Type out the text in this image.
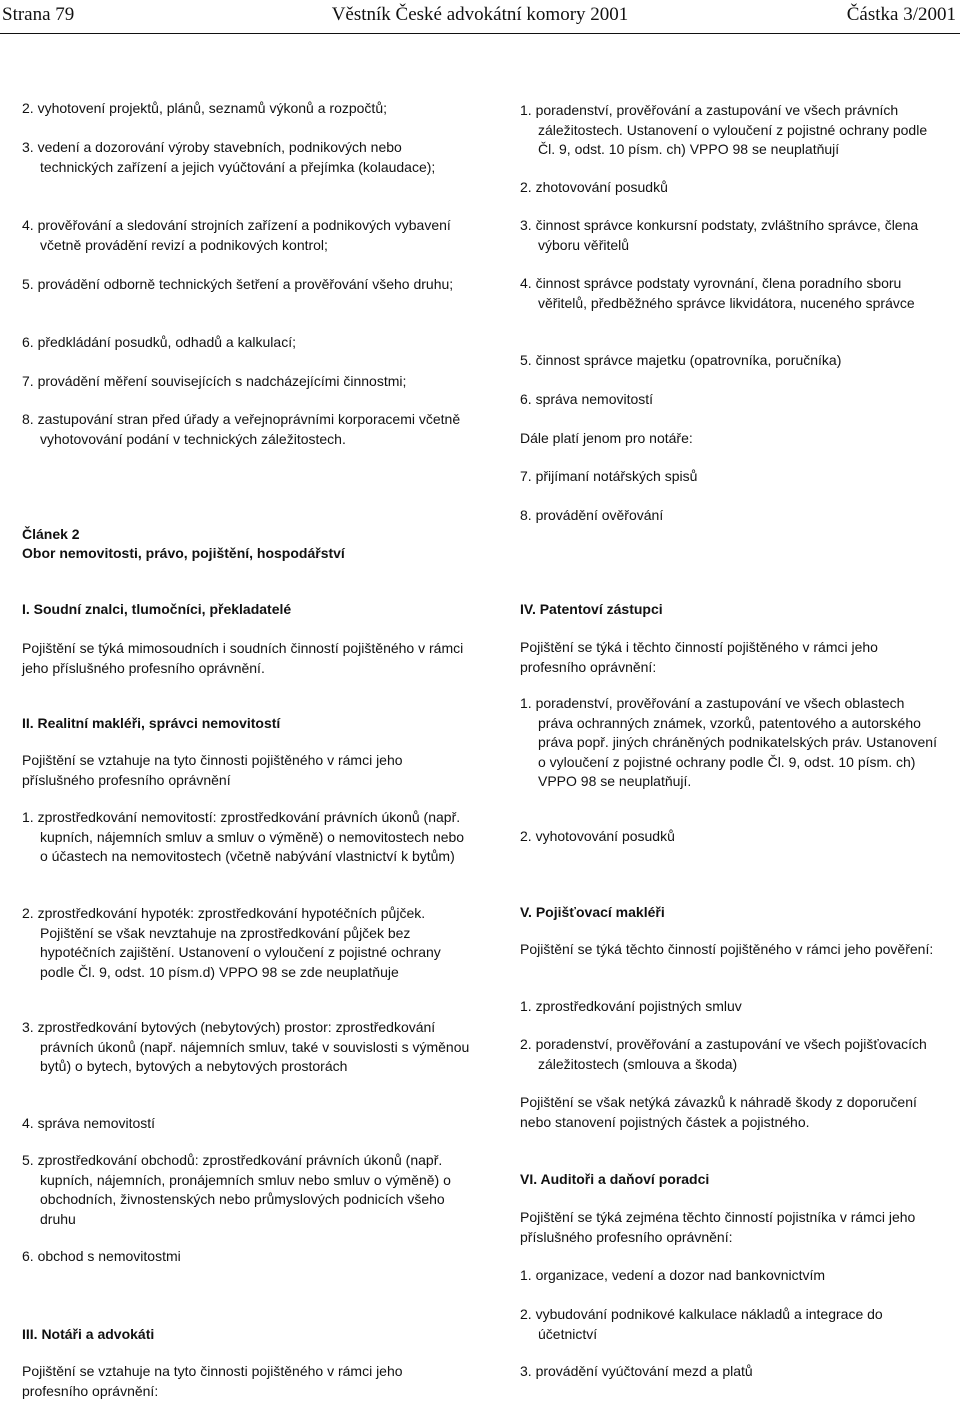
Strana 79	Věstník České advokátní komory 2001	Částka 3/2001
2. vyhotovení projektů, plánů, seznamů výkonů a rozpočtů;
3. vedení a dozorování výroby stavebních, podnikových nebo technických zařízení a jejich vyúčtování a přejímka (kolaudace);
4. prověřování a sledování strojních zařízení a podnikových vybavení včetně provádění revizí a podnikových kontrol;
5. provádění odborně technických šetření a prověřování všeho druhu;
6. předkládání posudků, odhadů a kalkulací;
7. provádění měření souvisejících s nadcházejícími činnostmi;
8. zastupování stran před úřady a veřejnoprávními korporacemi včetně vyhotovování podání v technických záležitostech.
Článek 2
Obor nemovitosti, právo, pojištění, hospodářství
I. Soudní znalci, tlumočníci, překladatelé
Pojištění se týká mimosoudních i soudních činností pojištěného v rámci jeho příslušného profesního oprávnění.
II. Realitní makléři, správci nemovitostí
Pojištění se vztahuje na tyto činnosti pojištěného v rámci jeho příslušného profesního oprávnění
1. zprostředkování nemovitostí: zprostředkování právních úkonů (např. kupních, nájemních smluv a smluv o výměně) o nemovitostech nebo o účastech na nemovitostech (včetně nabývání vlastnictví k bytům)
2. zprostředkování hypoték: zprostředkování hypotéčních půjček. Pojištění se však nevztahuje na zprostředkování půjček bez hypotéčních zajištění. Ustanovení o vyloučení z pojistné ochrany podle Čl. 9, odst. 10 písm.d) VPPO 98 se zde neuplatňuje
3. zprostředkování bytových (nebytových) prostor: zprostředkování právních úkonů (např. nájemních smluv, také v souvislosti s výměnou bytů) o bytech, bytových a nebytových prostorách
4. správa nemovitostí
5. zprostředkování obchodů: zprostředkování právních úkonů (např. kupních, nájemních, pronájemních smluv nebo smluv o výměně) o obchodních, živnostenských nebo průmyslových podnicích všeho druhu
6. obchod s nemovitostmi
III. Notáři a advokáti
Pojištění se vztahuje na tyto činnosti pojištěného v rámci jeho profesního oprávnění:
1. poradenství, prověřování a zastupování ve všech právních záležitostech. Ustanovení o vyloučení z pojistné ochrany podle Čl. 9, odst. 10 písm. ch) VPPO 98 se neuplatňují
2. zhotovování posudků
3. činnost správce konkursní podstaty, zvláštního správce, člena výboru věřitelů
4. činnost správce podstaty vyrovnání, člena poradního sboru věřitelů, předběžného správce likvidátora, nuceného správce
5. činnost správce majetku (opatrovníka, poručníka)
6. správa nemovitostí
Dále platí jenom pro notáře:
7. přijímaní notářských spisů
8. provádění ověřování
IV. Patentoví zástupci
Pojištění se týká i těchto činností pojištěného v rámci jeho profesního oprávnění:
1. poradenství, prověřování a zastupování ve všech oblastech práva ochranných známek, vzorků, patentového a autorského práva popř. jiných chráněných podnikatelských práv. Ustanovení o vyloučení z pojistné ochrany podle Čl. 9, odst. 10 písm. ch) VPPO 98 se neuplatňují.
2. vyhotovování posudků
V. Pojišťovací makléři
Pojištění se týká těchto činností pojištěného v rámci jeho pověření:
1. zprostředkování pojistných smluv
2. poradenství, prověřování a zastupování ve všech pojišťovacích záležitostech (smlouva a škoda)
Pojištění se však netýká závazků k náhradě škody z doporučení nebo stanovení pojistných částek a pojistného.
VI. Auditoři a daňoví poradci
Pojištění se týká zejména těchto činností pojistníka v rámci jeho příslušného profesního oprávnění:
1. organizace, vedení a dozor nad bankovnictvím
2. vybudování podnikové kalkulace nákladů a integrace do účetnictví
3. provádění vyúčtování mezd a platů
